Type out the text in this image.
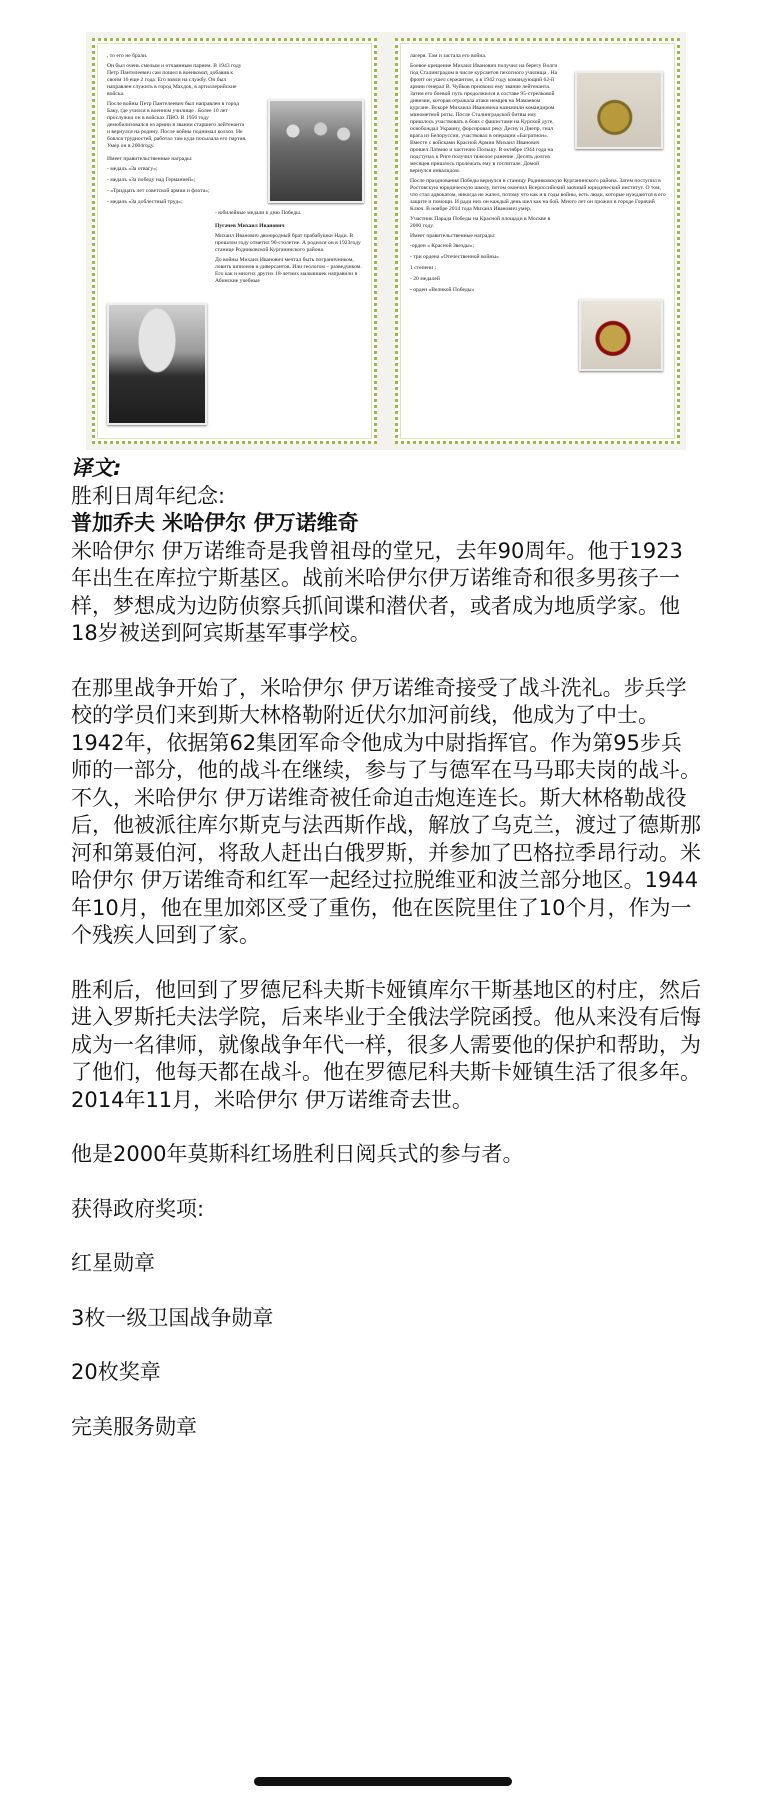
, то его не брали.

Он был очень смелым и отчаянным парнем. В 1943 году Петр Пантелеевич сам пошел в военкомат, добавив к своим 16 еще 2 года. Его взяли на службу. Он был направлен служить в город Махдок, в артиллерийские войска.

После войны Петр Пантелеевич был направлен в город Баку, где учился в военном училище . Более 10 лет прослужил он в войсках ПВО. В 1956 году демобилизовался из армии в звании старшего лейтенанта и вернулся на родину. После войны поднимал колхоз. Не боялся трудностей, работал там куда посылала его партия. Умер он в 2004году.

Имеет правительственные награды:

- медаль «За отвагу»;

- медаль «За победу над Германией»;

- «Тридцать лет советской армии и флота»;

- медаль «За доблестный труд»;

- юбилейные медали к дню Победы.

Пугачев Михаил Иванович

Михаил Иванович двоюродный брат прабабушки Нади. В прошлом году отметил 90-столетие. А родился он в 1923году станице Родниковской Курганинского района.

До войны Михаил Иванович мечтал быть пограничником, ловить шпионов и диверсантов. Или геологом – разведчиком. Его как и многих других 18-летних мальчишек направили в Абинские учебные

лагеря. Там и застала его война.

Боевое крещение Михаил Иванович получил на берегу Волги под Сталинградом в числе курсантов пехотного училища . На фронт он ушел сержантом, а в 1942 году командующий 62-й армии генерал В. Чуйков присвоил ему звание лейтенанта. Затем его боевой путь продолжился в составе 95-стрелковой дивизии, которая отражала атаки немцев на Мамаевом кургане. Вскоре Михаила Ивановича назначили командиром минометной роты. После Сталинградской битвы ему пришлось участвовать в боях с фашистами на Курской дуге, освобождал Украину, форсировал реку Десну и Днепр, гнал врага из Белоруссии, участвовал в операции «Багратион». Вместе с войсками Красной Армии Михаил Иванович прошел Латвию и частично Польшу. В октябре 1944 года на подступах к Риге получил тяжелое ранение. Десять долгих месяцев пришлось пролежать ему в госпитале. Домой вернулся инвалидом.

После празднования Победы вернулся в станицу Родниковскую Курганинского района. Затем поступил в Ростовскую юридическую школу, потом окончил Всероссийский заочный юридический институт. О том, что стал адвокатом, никогда не жалел, потому что как и в годы войны, есть люди, которые нуждаются в его защите и помощи. И ради них он каждый день шел как на бой. Много лет он прожил в городе Горячий Ключ. В ноябре 2014 года Михаил Иванович умер.

Участник Парада Победы на Красной площади в Москве в 2000 году.

Имеет правительственные награды:

-орден « Красной Звезды»;

- три ордена «Отечественной войны»

1 степени ;

- 20 медалей

- орден «Великой Победы»

译文:

胜利日周年纪念:

普加乔夫 米哈伊尔 伊万诺维奇

米哈伊尔 伊万诺维奇是我曾祖母的堂兄，去年90周年。他于1923年出生在库拉宁斯基区。战前米哈伊尔伊万诺维奇和很多男孩子一样，梦想成为边防侦察兵抓间谍和潜伏者，或者成为地质学家。他18岁被送到阿宾斯基军事学校。

在那里战争开始了，米哈伊尔 伊万诺维奇接受了战斗洗礼。步兵学校的学员们来到斯大林格勒附近伏尔加河前线，他成为了中士。1942年，依据第62集团军命令他成为中尉指挥官。作为第95步兵师的一部分，他的战斗在继续，参与了与德军在马马耶夫岗的战斗。不久，米哈伊尔 伊万诺维奇被任命迫击炮连连长。斯大林格勒战役后，他被派往库尔斯克与法西斯作战，解放了乌克兰，渡过了德斯那河和第聂伯河，将敌人赶出白俄罗斯，并参加了巴格拉季昂行动。米哈伊尔 伊万诺维奇和红军一起经过拉脱维亚和波兰部分地区。1944年10月，他在里加郊区受了重伤，他在医院里住了10个月，作为一个残疾人回到了家。

胜利后，他回到了罗德尼科夫斯卡娅镇库尔干斯基地区的村庄，然后进入罗斯托夫法学院，后来毕业于全俄法学院函授。他从来没有后悔成为一名律师，就像战争年代一样，很多人需要他的保护和帮助，为了他们，他每天都在战斗。他在罗德尼科夫斯卡娅镇生活了很多年。2014年11月，米哈伊尔 伊万诺维奇去世。

他是2000年莫斯科红场胜利日阅兵式的参与者。

获得政府奖项:

红星勋章

3枚一级卫国战争勋章

20枚奖章

完美服务勋章
